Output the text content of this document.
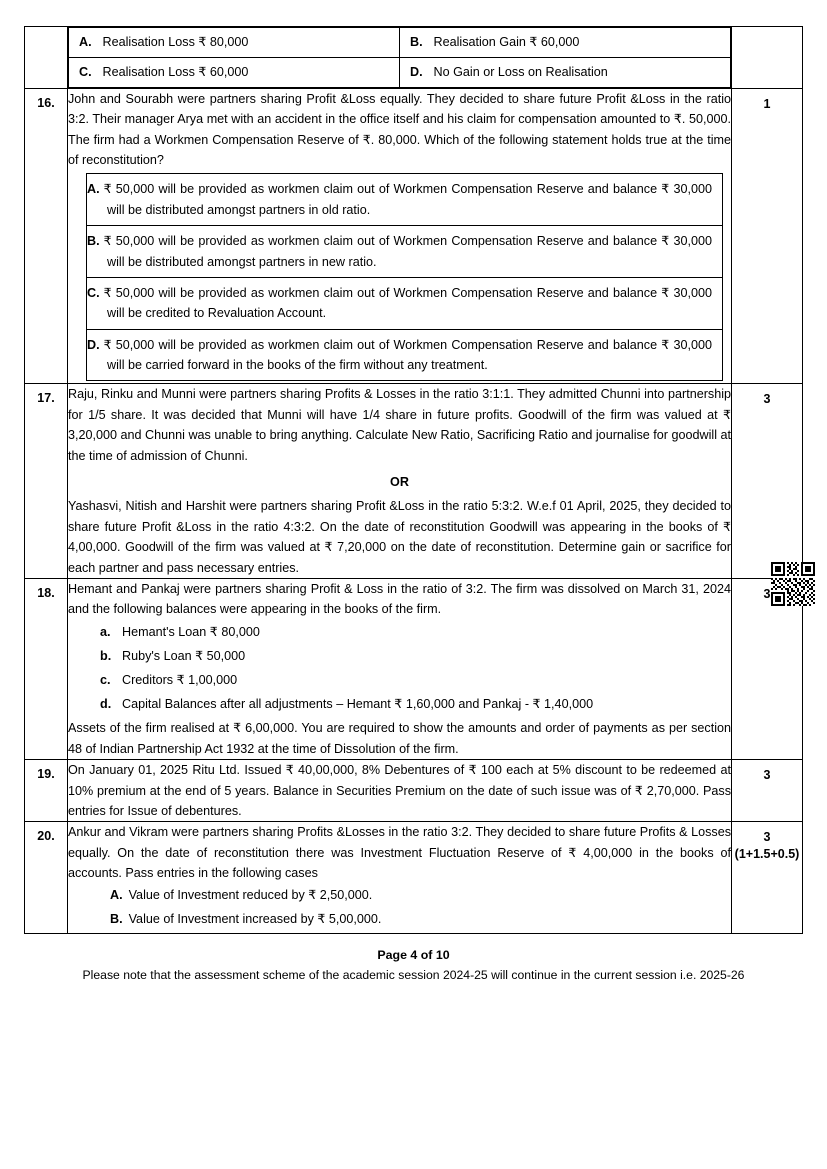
A. Realisation Loss ₹ 80,000	B. Realisation Gain ₹ 60,000
C. Realisation Loss ₹ 60,000	D. No Gain or Loss on Realisation

16.	John and Sourabh were partners sharing Profit &Loss equally. They decided to share future Profit &Loss in the ratio 3:2. Their manager Arya met with an accident in the office itself and his claim for compensation amounted to ₹. 50,000. The firm had a Workmen Compensation Reserve of ₹. 80,000. Which of the following statement holds true at the time of reconstitution?

A. ₹ 50,000 will be provided as workmen claim out of Workmen Compensation Reserve and balance ₹ 30,000 will be distributed amongst partners in old ratio.
B. ₹ 50,000 will be provided as workmen claim out of Workmen Compensation Reserve and balance ₹ 30,000 will be distributed amongst partners in new ratio.
C. ₹ 50,000 will be provided as workmen claim out of Workmen Compensation Reserve and balance ₹ 30,000 will be credited to Revaluation Account.
D. ₹ 50,000 will be provided as workmen claim out of Workmen Compensation Reserve and balance ₹ 30,000 will be carried forward in the books of the firm without any treatment.

1

17.	Raju, Rinku and Munni were partners sharing Profits & Losses in the ratio 3:1:1. They admitted Chunni into partnership for 1/5 share. It was decided that Munni will have 1/4 share in future profits. Goodwill of the firm was valued at ₹ 3,20,000 and Chunni was unable to bring anything. Calculate New Ratio, Sacrificing Ratio and journalise for goodwill at the time of admission of Chunni.

OR

Yashasvi, Nitish and Harshit were partners sharing Profit &Loss in the ratio 5:3:2. W.e.f 01 April, 2025, they decided to share future Profit &Loss in the ratio 4:3:2. On the date of reconstitution Goodwill was appearing in the books of ₹ 4,00,000. Goodwill of the firm was valued at ₹ 7,20,000 on the date of reconstitution. Determine gain or sacrifice for each partner and pass necessary entries.

3

18.	Hemant and Pankaj were partners sharing Profit & Loss in the ratio of 3:2. The firm was dissolved on March 31, 2024 and the following balances were appearing in the books of the firm.

a. Hemant's Loan ₹ 80,000
b. Ruby's Loan ₹ 50,000
c. Creditors ₹ 1,00,000
d. Capital Balances after all adjustments – Hemant ₹ 1,60,000 and Pankaj - ₹ 1,40,000

Assets of the firm realised at ₹ 6,00,000. You are required to show the amounts and order of payments as per section 48 of Indian Partnership Act 1932 at the time of Dissolution of the firm.

3

19.	On January 01, 2025 Ritu Ltd. Issued ₹ 40,00,000, 8% Debentures of ₹ 100 each at 5% discount to be redeemed at 10% premium at the end of 5 years. Balance in Securities Premium on the date of such issue was of ₹ 2,70,000. Pass entries for Issue of debentures.

3

20.	Ankur and Vikram were partners sharing Profits &Losses in the ratio 3:2. They decided to share future Profits & Losses equally. On the date of reconstitution there was Investment Fluctuation Reserve of ₹ 4,00,000 in the books of accounts. Pass entries in the following cases

A. Value of Investment reduced by ₹ 2,50,000.
B. Value of Investment increased by ₹ 5,00,000.

3 (1+1.5+0.5)
Page 4 of 10
Please note that the assessment scheme of the academic session 2024-25 will continue in the current session i.e. 2025-26
